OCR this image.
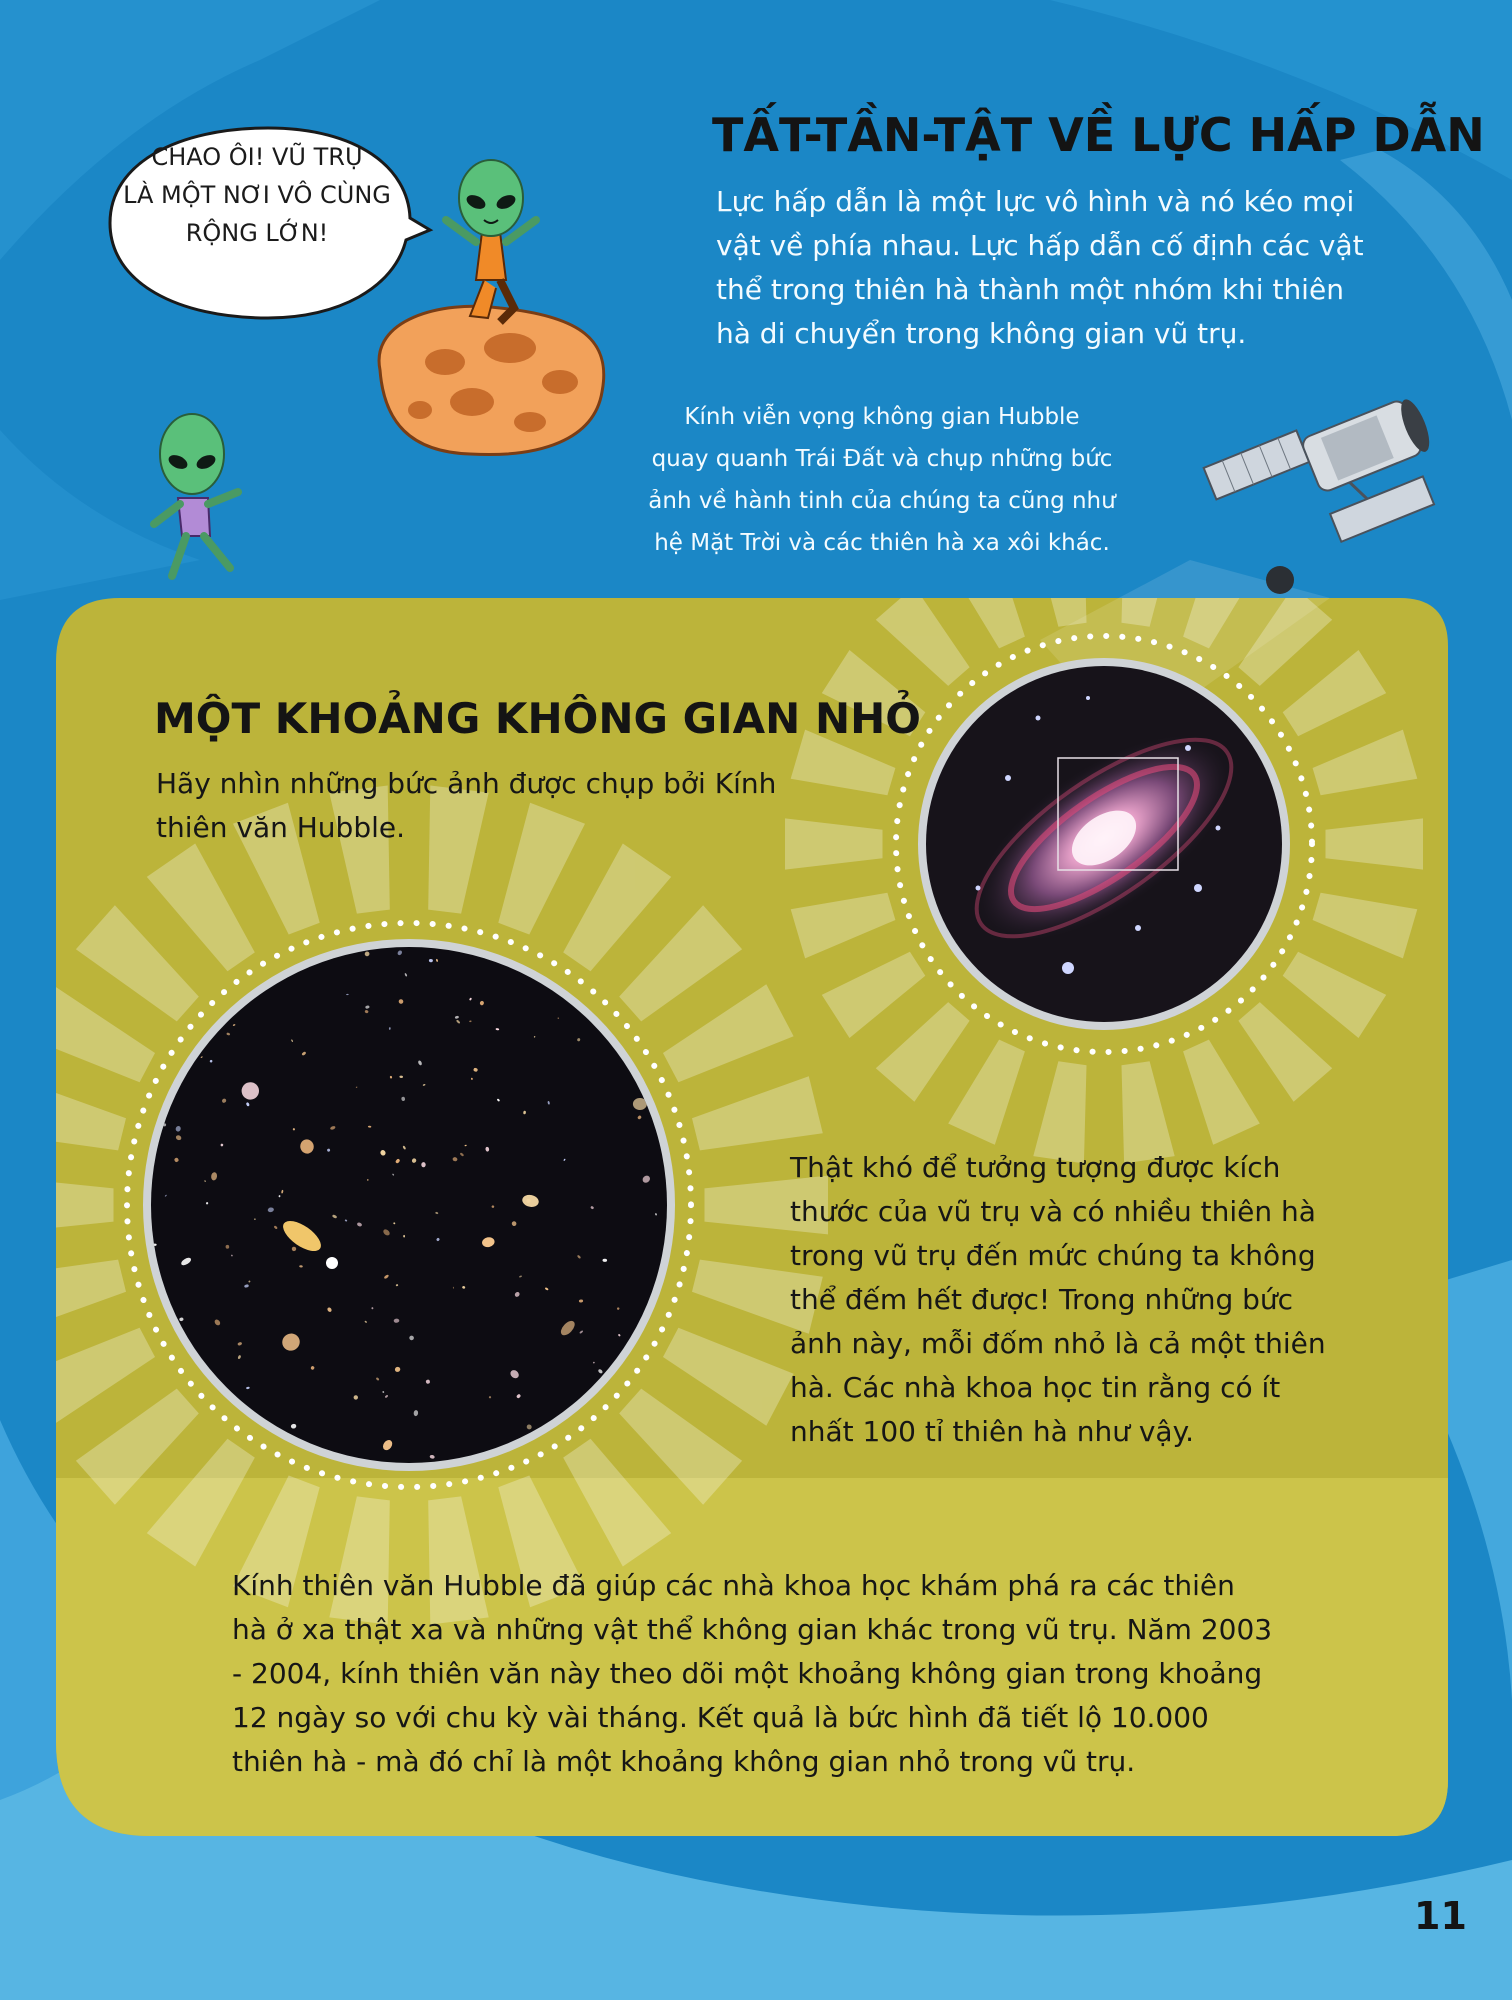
TẤT-TẦN-TẬT VỀ LỰC HẤP DẪN
Lực hấp dẫn là một lực vô hình và nó kéo mọi
vật về phía nhau. Lực hấp dẫn cố định các vật
thể trong thiên hà thành một nhóm khi thiên
hà di chuyển trong không gian vũ trụ.
CHAO ÔI! VŨ TRỤ
LÀ MỘT NƠI VÔ CÙNG
RỘNG LỚN!
Kính viễn vọng không gian Hubble
quay quanh Trái Đất và chụp những bức
ảnh về hành tinh của chúng ta cũng như
hệ Mặt Trời và các thiên hà xa xôi khác.
MỘT KHOẢNG KHÔNG GIAN NHỎ
Hãy nhìn những bức ảnh được chụp bởi Kính
thiên văn Hubble.
Thật khó để tưởng tượng được kích
thước của vũ trụ và có nhiều thiên hà
trong vũ trụ đến mức chúng ta không
thể đếm hết được! Trong những bức
ảnh này, mỗi đốm nhỏ là cả một thiên
hà. Các nhà khoa học tin rằng có ít
nhất 100 tỉ thiên hà như vậy.
Kính thiên văn Hubble đã giúp các nhà khoa học khám phá ra các thiên
hà ở xa thật xa và những vật thể không gian khác trong vũ trụ. Năm 2003
- 2004, kính thiên văn này theo dõi một khoảng không gian trong khoảng
12 ngày so với chu kỳ vài tháng. Kết quả là bức hình đã tiết lộ 10.000
thiên hà - mà đó chỉ là một khoảng không gian nhỏ trong vũ trụ.
11
